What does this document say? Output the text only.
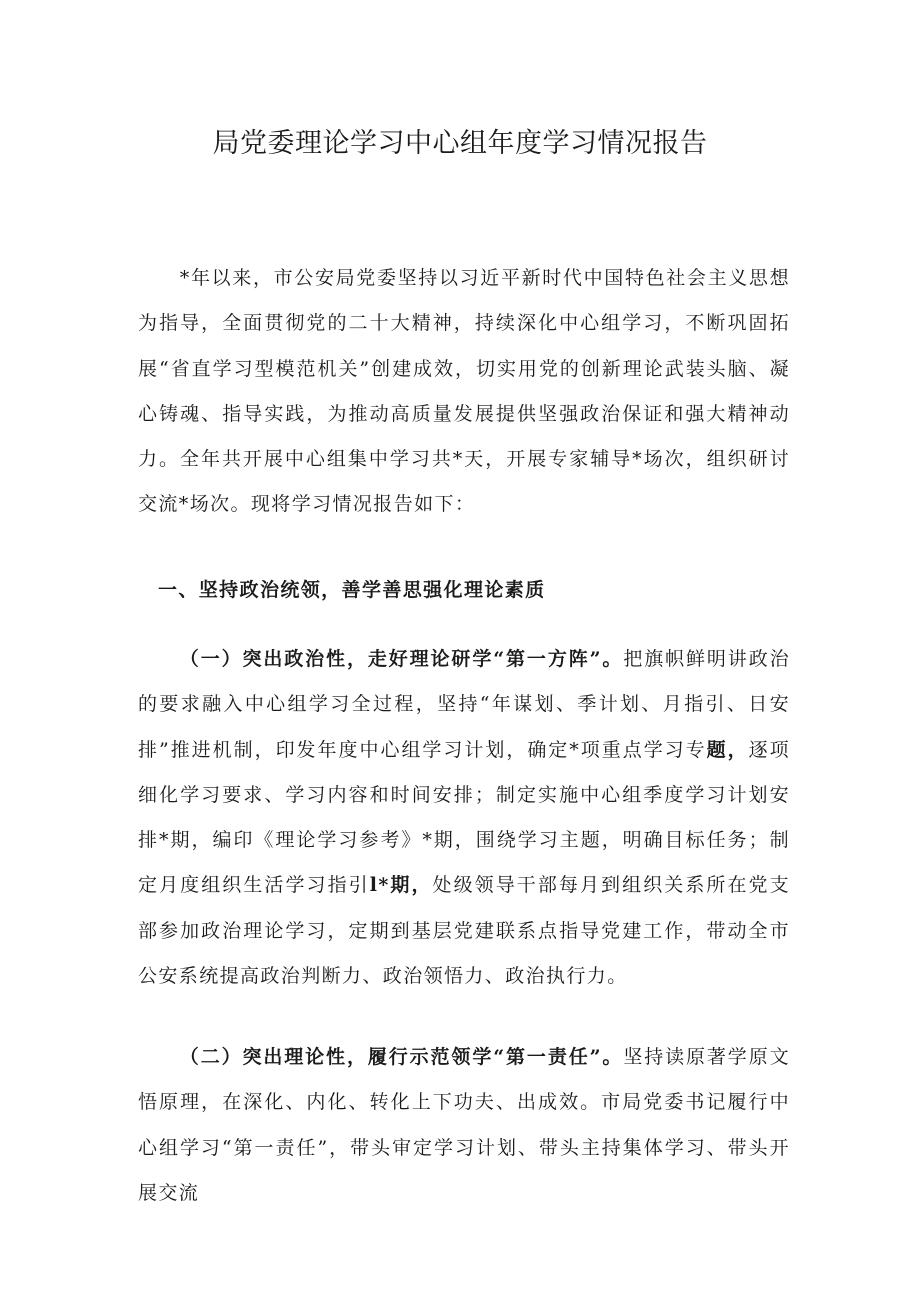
局党委理论学习中心组年度学习情况报告

*年以来，市公安局党委坚持以习近平新时代中国特色社会主义思想为指导，全面贯彻党的二十大精神，持续深化中心组学习，不断巩固拓展“省直学习型模范机关”创建成效，切实用党的创新理论武装头脑、凝心铸魂、指导实践，为推动高质量发展提供坚强政治保证和强大精神动力。全年共开展中心组集中学习共*天，开展专家辅导*场次，组织研讨交流*场次。现将学习情况报告如下：

一、坚持政治统领，善学善思强化理论素质

（一）突出政治性，走好理论研学“第一方阵”。把旗帜鲜明讲政治的要求融入中心组学习全过程，坚持“年谋划、季计划、月指引、日安排”推进机制，印发年度中心组学习计划，确定*项重点学习专题，逐项细化学习要求、学习内容和时间安排；制定实施中心组季度学习计划安排*期，编印《理论学习参考》*期，围绕学习主题，明确目标任务；制定月度组织生活学习指引l*期，处级领导干部每月到组织关系所在党支部参加政治理论学习，定期到基层党建联系点指导党建工作，带动全市公安系统提高政治判断力、政治领悟力、政治执行力。

（二）突出理论性，履行示范领学“第一责任”。坚持读原著学原文悟原理，在深化、内化、转化上下功夫、出成效。市局党委书记履行中心组学习“第一责任”，带头审定学习计划、带头主持集体学习、带头开展交流
